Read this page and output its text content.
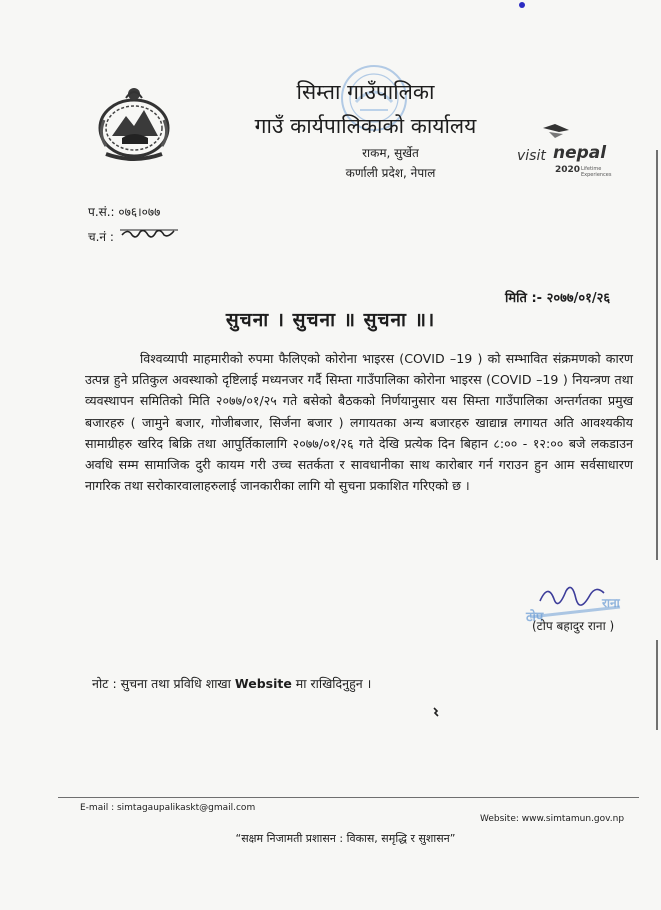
सिम्ता गाउँपालिका
गाउँ कार्यपालिकाको कार्यालय
राकम, सुर्खेत
कर्णाली प्रदेश, नेपाल
visit nepal
2020 Lifetime
Experiences
प.सं.: ०७६।०७७
च.नं :
मिति :- २०७७/०१/२६
सुचना । सुचना ॥ सुचना ॥।
विश्वव्यापी माहमारीको रुपमा फैलिएको कोरोना भाइरस (COVID –19 ) को सम्भावित संक्रमणको कारण उत्पन्न हुने प्रतिकुल अवस्थाको दृष्टिलाई मध्यनजर गर्दै सिम्ता गाउँपालिका कोरोना भाइरस (COVID –19 ) नियन्त्रण तथा व्यवस्थापन समितिको मिति २०७७/०१/२५ गते बसेको बैठकको निर्णयानुसार यस सिम्ता गाउँपालिका अन्तर्गतका प्रमुख बजारहरु ( जामुने बजार, गोजीबजार, सिर्जना बजार ) लगायतका अन्य बजारहरु खाद्यान्न लगायत अति आवश्यकीय सामाग्रीहरु खरिद बिक्रि तथा आपुर्तिकालागि २०७७/०१/२६ गते देखि प्रत्येक दिन बिहान ८:०० - १२:०० बजे लकडाउन अवधि सम्म सामाजिक दुरी कायम गरी उच्च सतर्कता र सावधानीका साथ कारोबार गर्न गराउन हुन आम सर्वसाधारण नागरिक तथा सरोकारवालाहरुलाई जानकारीका लागि यो सुचना प्रकाशित गरिएको छ ।
टोप
राना
(टोप बहादुर राना )
नोट : सुचना तथा प्रविधि शाखा Website मा राखिदिनुहुन ।
E-mail : simtagaupalikaskt@gmail.com
Website: www.simtamun.gov.np
“सक्षम निजामती प्रशासन : विकास, समृद्धि र सुशासन”
